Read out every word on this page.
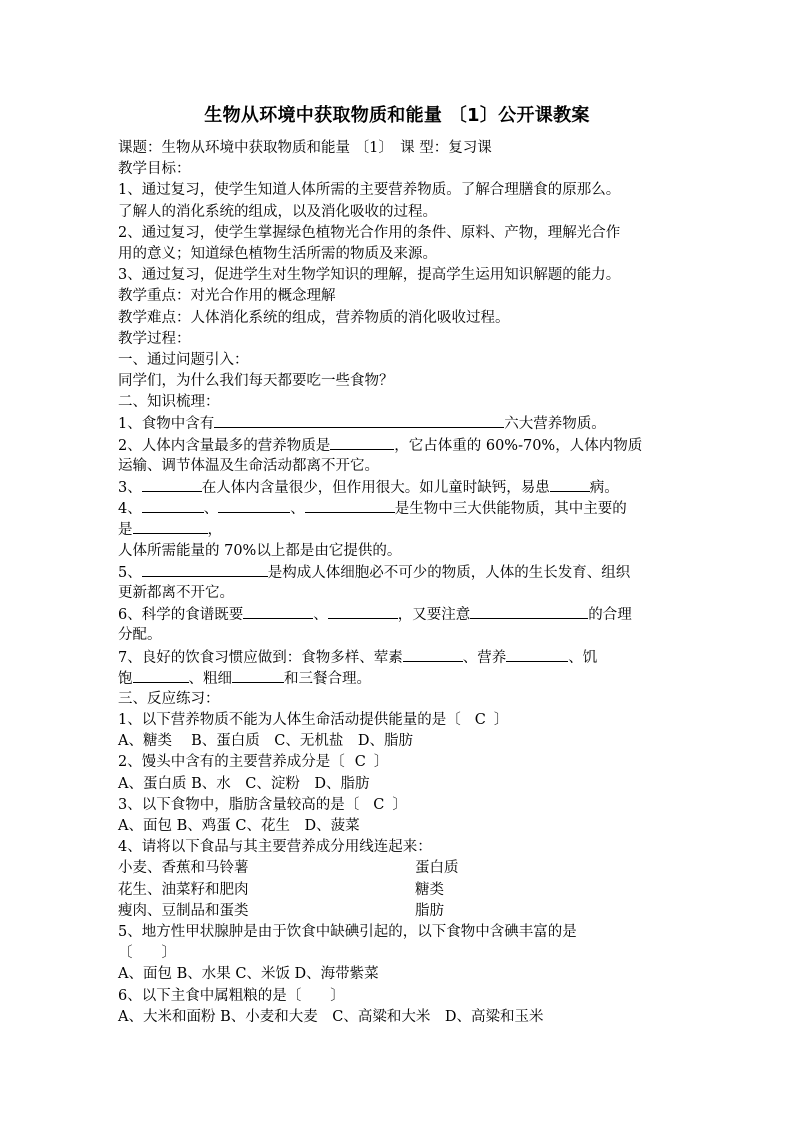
生物从环境中获取物质和能量 〔1〕公开课教案
课题：生物从环境中获取物质和能量 〔1〕　课 型：复习课
教学目标：
1、通过复习，使学生知道人体所需的主要营养物质。了解合理膳食的原那么。
了解人的消化系统的组成，以及消化吸收的过程。
2、通过复习，使学生掌握绿色植物光合作用的条件、原料、产物，理解光合作
用的意义；知道绿色植物生活所需的物质及来源。
3、通过复习，促进学生对生物学知识的理解，提高学生运用知识解题的能力。
教学重点：对光合作用的概念理解
教学难点：人体消化系统的组成，营养物质的消化吸收过程。
教学过程：
一、通过问题引入：
同学们，为什么我们每天都要吃一些食物？
二、知识梳理：
1、食物中含有	六大营养物质。
2、人体内含量最多的营养物质是	，它占体重的 60%-70%，人体内物质
运输、调节体温及生命活动都离不开它。
3、	在人体内含量很少，但作用很大。如儿童时缺钙，易患	病。
4、	、	、	是生物中三大供能物质，其中主要的
是	，
人体所需能量的 70%以上都是由它提供的。
5、	是构成人体细胞必不可少的物质，人体的生长发育、组织
更新都离不开它。
6、科学的食谱既要	、	，又要注意	的合理
分配。
7、良好的饮食习惯应做到：食物多样、荤素	、营养	、饥
饱	、粗细	和三餐合理。
三、反应练习：
1、以下营养物质不能为人体生命活动提供能量的是〔 C 〕
A、糖类　 B、蛋白质　C、无机盐　D、脂肪
2、馒头中含有的主要营养成分是〔 C 〕
A、蛋白质 B、水　C、淀粉　D、脂肪
3、以下食物中，脂肪含量较高的是〔 C 〕
A、面包 B、鸡蛋 C、花生　D、菠菜
4、请将以下食品与其主要营养成分用线连起来：
小麦、香蕉和马铃薯	蛋白质
花生、油菜籽和肥肉	糖类
瘦肉、豆制品和蛋类	脂肪
5、地方性甲状腺肿是由于饮食中缺碘引起的，以下食物中含碘丰富的是
〔　　〕
A、面包 B、水果 C、米饭 D、海带紫菜
6、以下主食中属粗粮的是〔　　〕
A、大米和面粉 B、小麦和大麦　C、高粱和大米　D、高粱和玉米
